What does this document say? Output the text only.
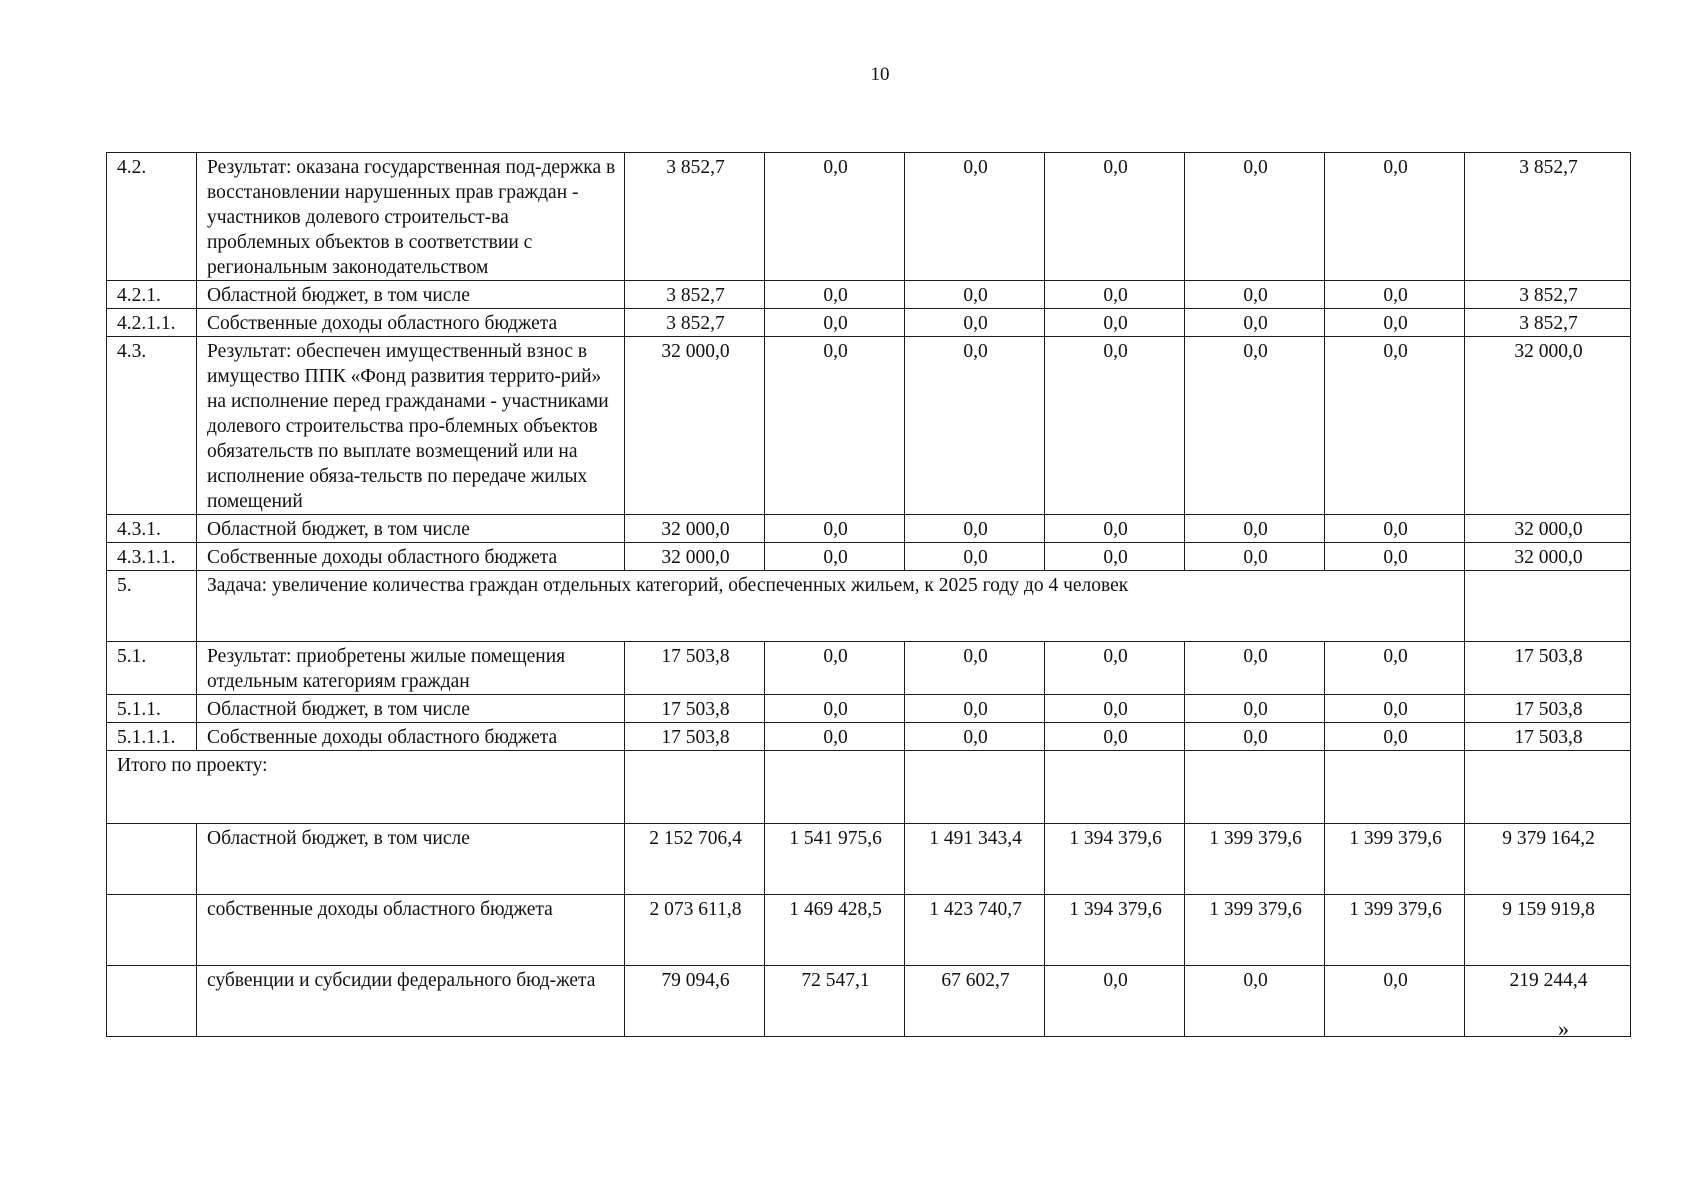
10
4.2.	Результат: оказана государственная под-держка в восстановлении нарушенных прав граждан - участников долевого строительст-ва проблемных объектов в соответствии с региональным законодательством	3 852,7	0,0	0,0	0,0	0,0	0,0	3 852,7
4.2.1.	Областной бюджет, в том числе	3 852,7	0,0	0,0	0,0	0,0	0,0	3 852,7
4.2.1.1.	Собственные доходы областного бюджета	3 852,7	0,0	0,0	0,0	0,0	0,0	3 852,7
4.3.	Результат: обеспечен имущественный взнос в имущество ППК «Фонд развития террито-рий» на исполнение перед гражданами - участниками долевого строительства про-блемных объектов обязательств по выплате возмещений или на исполнение обяза-тельств по передаче жилых помещений	32 000,0	0,0	0,0	0,0	0,0	0,0	32 000,0
4.3.1.	Областной бюджет, в том числе	32 000,0	0,0	0,0	0,0	0,0	0,0	32 000,0
4.3.1.1.	Собственные доходы областного бюджета	32 000,0	0,0	0,0	0,0	0,0	0,0	32 000,0
5.	Задача: увеличение количества граждан отдельных категорий, обеспеченных жильем, к 2025 году до 4 человек							
5.1.	Результат: приобретены жилые помещения отдельным категориям граждан	17 503,8	0,0	0,0	0,0	0,0	0,0	17 503,8
5.1.1.	Областной бюджет, в том числе	17 503,8	0,0	0,0	0,0	0,0	0,0	17 503,8
5.1.1.1.	Собственные доходы областного бюджета	17 503,8	0,0	0,0	0,0	0,0	0,0	17 503,8
Итого по проекту:								
	Областной бюджет, в том числе	2 152 706,4	1 541 975,6	1 491 343,4	1 394 379,6	1 399 379,6	1 399 379,6	9 379 164,2
	собственные доходы областного бюджета	2 073 611,8	1 469 428,5	1 423 740,7	1 394 379,6	1 399 379,6	1 399 379,6	9 159 919,8
	субвенции и субсидии федерального бюд-жета	79 094,6	72 547,1	67 602,7	0,0	0,0	0,0	219 244,4
»
